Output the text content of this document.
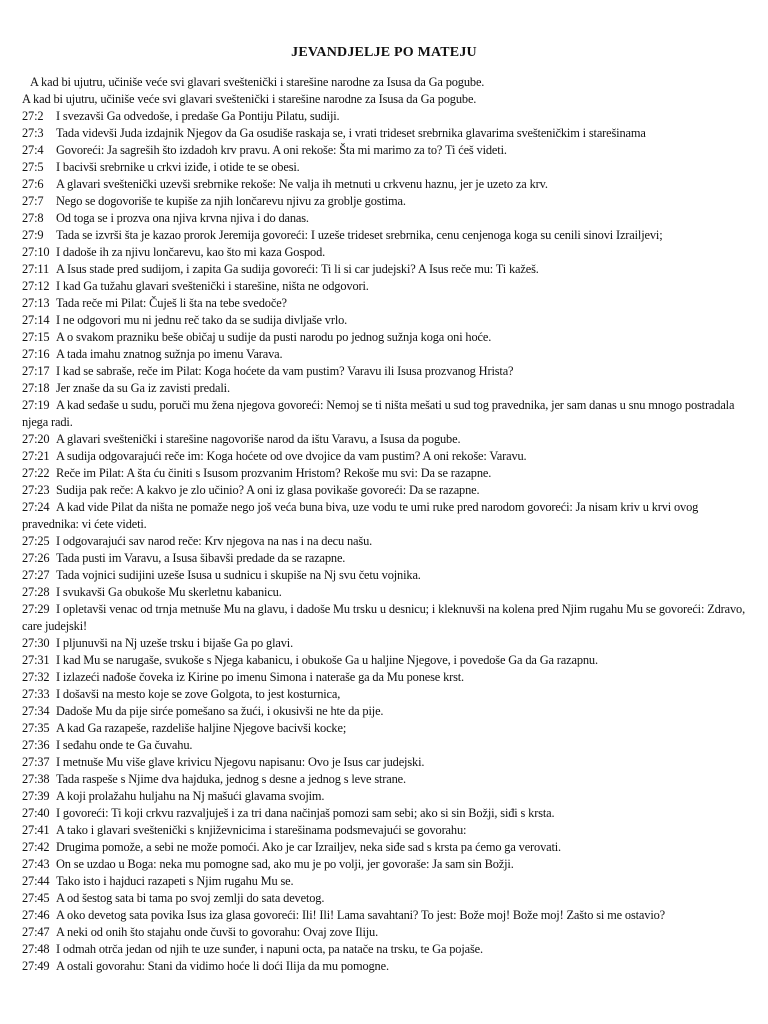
JEVANDJELJE PO MATEJU
A kad bi ujutru, učiniše veće svi glavari sveštenički i starešine narodne za Isusa da Ga pogube.
A kad bi ujutru, učiniše veće svi glavari sveštenički i starešine narodne za Isusa da Ga pogube.
27:2 I svezavši Ga odvedoše, i predaše Ga Pontiju Pilatu, sudiji.
27:3 Tada videvši Juda izdajnik Njegov da Ga osudiše raskaja se, i vrati trideset srebrnika glavarima svešteničkim i starešinama
27:4 Govoreći: Ja sagreših što izdadoh krv pravu. A oni rekoše: Šta mi marimo za to? Ti ćeš videti.
27:5 I bacivši srebrnike u crkvi iziđe, i otide te se obesi.
27:6 A glavari sveštenički uzevši srebrnike rekoše: Ne valja ih metnuti u crkvenu haznu, jer je uzeto za krv.
27:7 Nego se dogovoriše te kupiše za njih lončarevu njivu za groblje gostima.
27:8 Od toga se i prozva ona njiva krvna njiva i do danas.
27:9 Tada se izvrši šta je kazao prorok Jeremija govoreći: I uzeše trideset srebrnika, cenu cenjenoga koga su cenili sinovi Izrailjevi;
27:10 I dadoše ih za njivu lončarevu, kao što mi kaza Gospod.
27:11 A Isus stade pred sudijom, i zapita Ga sudija govoreći: Ti li si car judejski? A Isus reče mu: Ti kažeš.
27:12 I kad Ga tužahu glavari sveštenički i starešine, ništa ne odgovori.
27:13 Tada reče mi Pilat: Čuješ li šta na tebe svedoče?
27:14 I ne odgovori mu ni jednu reč tako da se sudija divljaše vrlo.
27:15 A o svakom prazniku beše običaj u sudije da pusti narodu po jednog sužnja koga oni hoće.
27:16 A tada imahu znatnog sužnja po imenu Varava.
27:17 I kad se sabraše, reče im Pilat: Koga hoćete da vam pustim? Varavu ili Isusa prozvanog Hrista?
27:18 Jer znaše da su Ga iz zavisti predali.
27:19 A kad seđaše u sudu, poruči mu žena njegova govoreći: Nemoj se ti ništa mešati u sud tog pravednika, jer sam danas u snu mnogo postradala njega radi.
27:20 A glavari sveštenički i starešine nagovoriše narod da ištu Varavu, a Isusa da pogube.
27:21 A sudija odgovarajući reče im: Koga hoćete od ove dvojice da vam pustim? A oni rekoše: Varavu.
27:22 Reče im Pilat: A šta ću činiti s Isusom prozvanim Hristom? Rekoše mu svi: Da se razapne.
27:23 Sudija pak reče: A kakvo je zlo učinio? A oni iz glasa povikaše govoreći: Da se razapne.
27:24 A kad vide Pilat da ništa ne pomaže nego još veća buna biva, uze vodu te umi ruke pred narodom govoreći: Ja nisam kriv u krvi ovog pravednika: vi ćete videti.
27:25 I odgovarajući sav narod reče: Krv njegova na nas i na decu našu.
27:26 Tada pusti im Varavu, a Isusa šibavši predade da se razapne.
27:27 Tada vojnici sudijini uzeše Isusa u sudnicu i skupiše na Nj svu četu vojnika.
27:28 I svukavši Ga obukoše Mu skerletnu kabanicu.
27:29 I opletavši venac od trnja metnuše Mu na glavu, i dadoše Mu trsku u desnicu; i kleknuvši na kolena pred Njim rugahu Mu se govoreći: Zdravo, care judejski!
27:30 I pljunuvši na Nj uzeše trsku i bijaše Ga po glavi.
27:31 I kad Mu se narugaše, svukoše s Njega kabanicu, i obukoše Ga u haljine Njegove, i povedoše Ga da Ga razapnu.
27:32 I izlazeći nađoše čoveka iz Kirine po imenu Simona i nateraše ga da Mu ponese krst.
27:33 I došavši na mesto koje se zove Golgota, to jest kosturnica,
27:34 Dadoše Mu da pije sirće pomešano sa žući, i okusivši ne hte da pije.
27:35 A kad Ga razapeše, razdeliše haljine Njegove bacivši kocke;
27:36 I sеđahu onde te Ga čuvahu.
27:37 I metnuše Mu više glave krivicu Njegovu napisanu: Ovo je Isus car judejski.
27:38 Tada raspeše s Njime dva hajduka, jednog s desne a jednog s leve strane.
27:39 A koji prolažahu huljahu na Nj mašući glavama svojim.
27:40 I govoreći: Ti koji crkvu razvaljuješ i za tri dana načinjaš pomozi sam sebi; ako si sin Božji, siđi s krsta.
27:41 A tako i glavari sveštenički s književnicima i starešinama podsmevajući se govorahu:
27:42 Drugima pomože, a sebi ne može pomoći. Ako je car Izrailjev, neka siđe sad s krsta pa ćemo ga verovati.
27:43 On se uzdao u Boga: neka mu pomogne sad, ako mu je po volji, jer govoraše: Ja sam sin Božji.
27:44 Tako isto i hajduci razapeti s Njim rugahu Mu se.
27:45 A od šestog sata bi tama po svoj zemlji do sata devetog.
27:46 A oko devetog sata povika Isus iza glasa govoreći: Ili! Ili! Lama savahtani? To jest: Bože moj! Bože moj! Zašto si me ostavio?
27:47 A neki od onih što stajahu onde čuvši to govorahu: Ovaj zove Iliju.
27:48 I odmah otrča jedan od njih te uze sunđer, i napuni octa, pa natače na trsku, te Ga pojaše.
27:49 A ostali govorahu: Stani da vidimo hoće li doći Ilija da mu pomogne.
